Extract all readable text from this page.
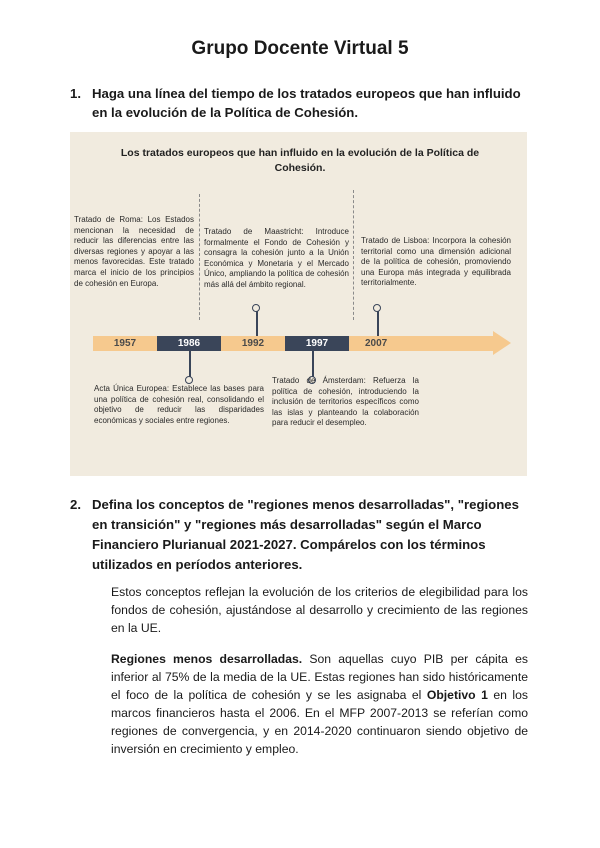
Grupo Docente Virtual 5
1. Haga una línea del tiempo de los tratados europeos que han influido en la evolución de la Política de Cohesión.
Los tratados europeos que han influido en la evolución de la Política de Cohesión.
Tratado de Roma: Los Estados mencionan la necesidad de reducir las diferencias entre las diversas regiones y apoyar a las menos favorecidas. Este tratado marca el inicio de los principios de cohesión en Europa.
Tratado de Maastricht: Introduce formalmente el Fondo de Cohesión y consagra la cohesión junto a la Unión Económica y Monetaria y el Mercado Único, ampliando la política de cohesión más allá del ámbito regional.
Tratado de Lisboa: Incorpora la cohesión territorial como una dimensión adicional de la política de cohesión, promoviendo una Europa más integrada y equilibrada territorialmente.
1957	1986	1992	1997	2007
Acta Única Europea: Establece las bases para una política de cohesión real, consolidando el objetivo de reducir las disparidades económicas y sociales entre regiones.
Tratado de Ámsterdam: Refuerza la política de cohesión, introduciendo la inclusión de territorios específicos como las islas y planteando la colaboración para reducir el desempleo.
2. Defina los conceptos de "regiones menos desarrolladas", "regiones en transición" y "regiones más desarrolladas" según el Marco Financiero Plurianual 2021-2027. Compárelos con los términos utilizados en períodos anteriores.
Estos conceptos reflejan la evolución de los criterios de elegibilidad para los fondos de cohesión, ajustándose al desarrollo y crecimiento de las regiones en la UE.
Regiones menos desarrolladas. Son aquellas cuyo PIB per cápita es inferior al 75% de la media de la UE. Estas regiones han sido históricamente el foco de la política de cohesión y se les asignaba el Objetivo 1 en los marcos financieros hasta el 2006. En el MFP 2007-2013 se referían como regiones de convergencia, y en 2014-2020 continuaron siendo objetivo de inversión en crecimiento y empleo.
